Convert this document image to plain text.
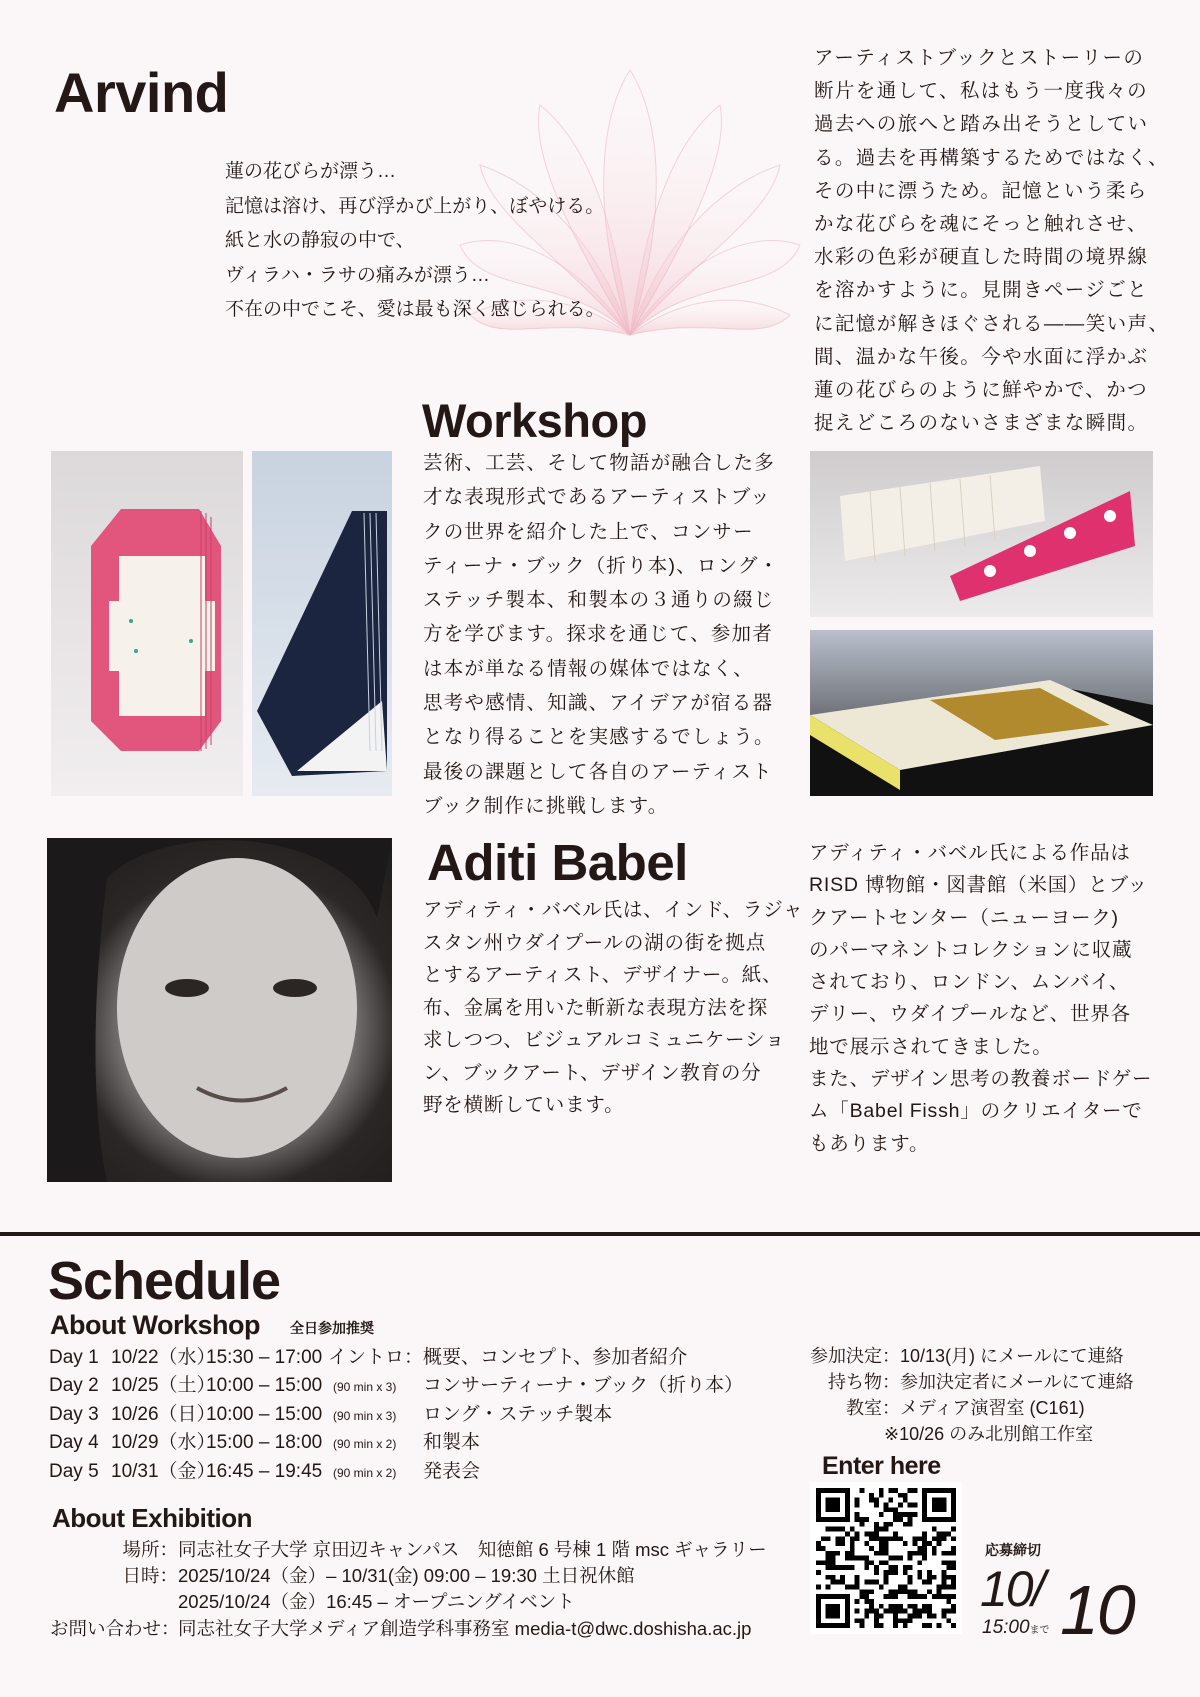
Arvind
蓮の花びらが漂う…
記憶は溶け、再び浮かび上がり、ぼやける。
紙と水の静寂の中で、
ヴィラハ・ラサの痛みが漂う…
不在の中でこそ、愛は最も深く感じられる。
アーティストブックとストーリーの
断片を通して、私はもう一度我々の
過去への旅へと踏み出そうとしてい
る。過去を再構築するためではなく、
その中に漂うため。記憶という柔ら
かな花びらを魂にそっと触れさせ、
水彩の色彩が硬直した時間の境界線
を溶かすように。見開きページごと
に記憶が解きほぐされる——笑い声、
間、温かな午後。今や水面に浮かぶ
蓮の花びらのように鮮やかで、かつ
捉えどころのないさまざまな瞬間。
Workshop
芸術、工芸、そして物語が融合した多
才な表現形式であるアーティストブッ
クの世界を紹介した上で、コンサー
ティーナ・ブック（折り本)、ロング・
ステッチ製本、和製本の３通りの綴じ
方を学びます。探求を通じて、参加者
は本が単なる情報の媒体ではなく、
思考や感情、知識、アイデアが宿る器
となり得ることを実感するでしょう。
最後の課題として各自のアーティスト
ブック制作に挑戦します。
Aditi Babel
アディティ・バベル氏は、インド、ラジャ
スタン州ウダイプールの湖の街を拠点
とするアーティスト、デザイナー。紙、
布、金属を用いた斬新な表現方法を探
求しつつ、ビジュアルコミュニケーショ
ン、ブックアート、デザイン教育の分
野を横断しています。
アディティ・バベル氏による作品は
RISD 博物館・図書館（米国）とブッ
クアートセンター（ニューヨーク)
のパーマネントコレクションに収蔵
されており、ロンドン、ムンバイ、
デリー、ウダイプールなど、世界各
地で展示されてきました。
また、デザイン思考の教養ボードゲー
ム「Babel Fissh」のクリエイターで
もあります。
Schedule
About Workshop 全日参加推奨
Day 1 10/22（水）15:30 – 17:00 イントロ：概要、コンセプト、参加者紹介
Day 2 10/25（土）10:00 – 15:00 (90 min x 3) コンサーティーナ・ブック（折り本）
Day 3 10/26（日）10:00 – 15:00 (90 min x 3) ロング・ステッチ製本
Day 4 10/29（水）15:00 – 18:00 (90 min x 2) 和製本
Day 5 10/31（金）16:45 – 19:45 (90 min x 2) 発表会
About Exhibition
場所：同志社女子大学 京田辺キャンパス　知徳館 6 号棟 1 階 msc ギャラリー
日時：2025/10/24（金）– 10/31(金) 09:00 – 19:30 土日祝休館
2025/10/24（金）16:45 – オープニングイベント
お問い合わせ：同志社女子大学メディア創造学科事務室 media-t@dwc.doshisha.ac.jp
参加決定：10/13(月) にメールにて連絡
持ち物：参加決定者にメールにて連絡
教室：メディア演習室 (C161)
※10/26 のみ北別館工作室
Enter here
応募締切
10/ 10
15:00まで
